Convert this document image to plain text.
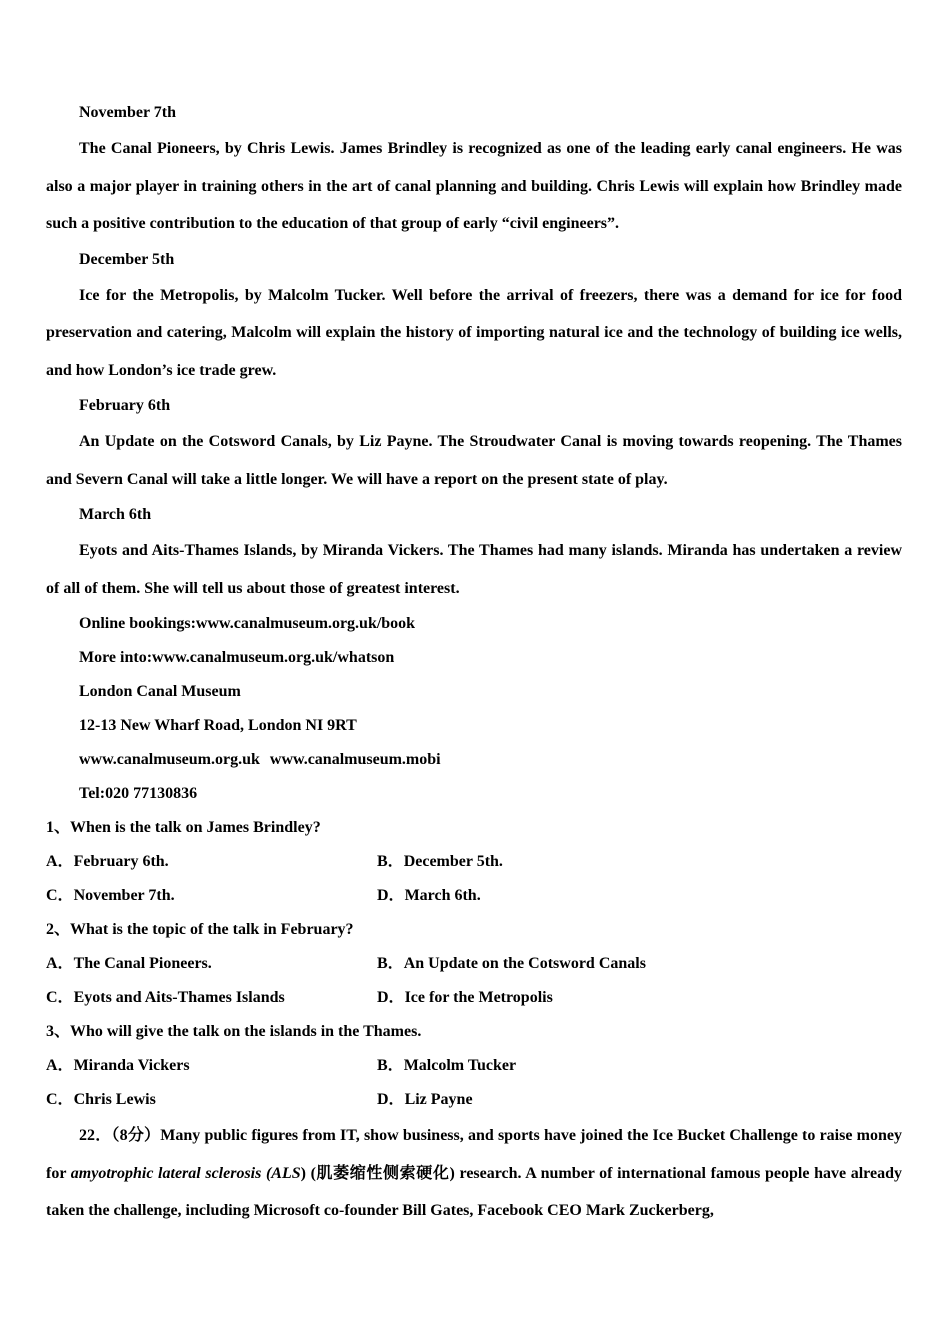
November 7th
The Canal Pioneers, by Chris Lewis. James Brindley is recognized as one of the leading early canal engineers. He was also a major player in training others in the art of canal planning and building. Chris Lewis will explain how Brindley made such a positive contribution to the education of that group of early “civil engineers”.
December 5th
Ice for the Metropolis, by Malcolm Tucker. Well before the arrival of freezers, there was a demand for ice for food preservation and catering, Malcolm will explain the history of importing natural ice and the technology of building ice wells, and how London’s ice trade grew.
February 6th
An Update on the Cotsword Canals, by Liz Payne. The Stroudwater Canal is moving towards reopening. The Thames and Severn Canal will take a little longer. We will have a report on the present state of play.
March 6th
Eyots and Aits-Thames Islands, by Miranda Vickers. The Thames had many islands. Miranda has undertaken a review of all of them. She will tell us about those of greatest interest.
Online bookings:www.canalmuseum.org.uk/book
More into:www.canalmuseum.org.uk/whatson
London Canal Museum
12-13 New Wharf Road, London NI 9RT
www.canalmuseum.org.uk www.canalmuseum.mobi
Tel:020 77130836
1、When is the talk on James Brindley?
A．February 6th.	B．December 5th.
C．November 7th.	D．March 6th.
2、What is the topic of the talk in February?
A．The Canal Pioneers.	B．An Update on the Cotsword Canals
C．Eyots and Aits-Thames Islands	D．Ice for the Metropolis
3、Who will give the talk on the islands in the Thames.
A．Miranda Vickers	B．Malcolm Tucker
C．Chris Lewis	D．Liz Payne
22．（8分）Many public figures from IT, show business, and sports have joined the Ice Bucket Challenge to raise money for amyotrophic lateral sclerosis (ALS) (肌萎缩性侧索硬化) research. A number of international famous people have already taken the challenge, including Microsoft co-founder Bill Gates, Facebook CEO Mark Zuckerberg,
